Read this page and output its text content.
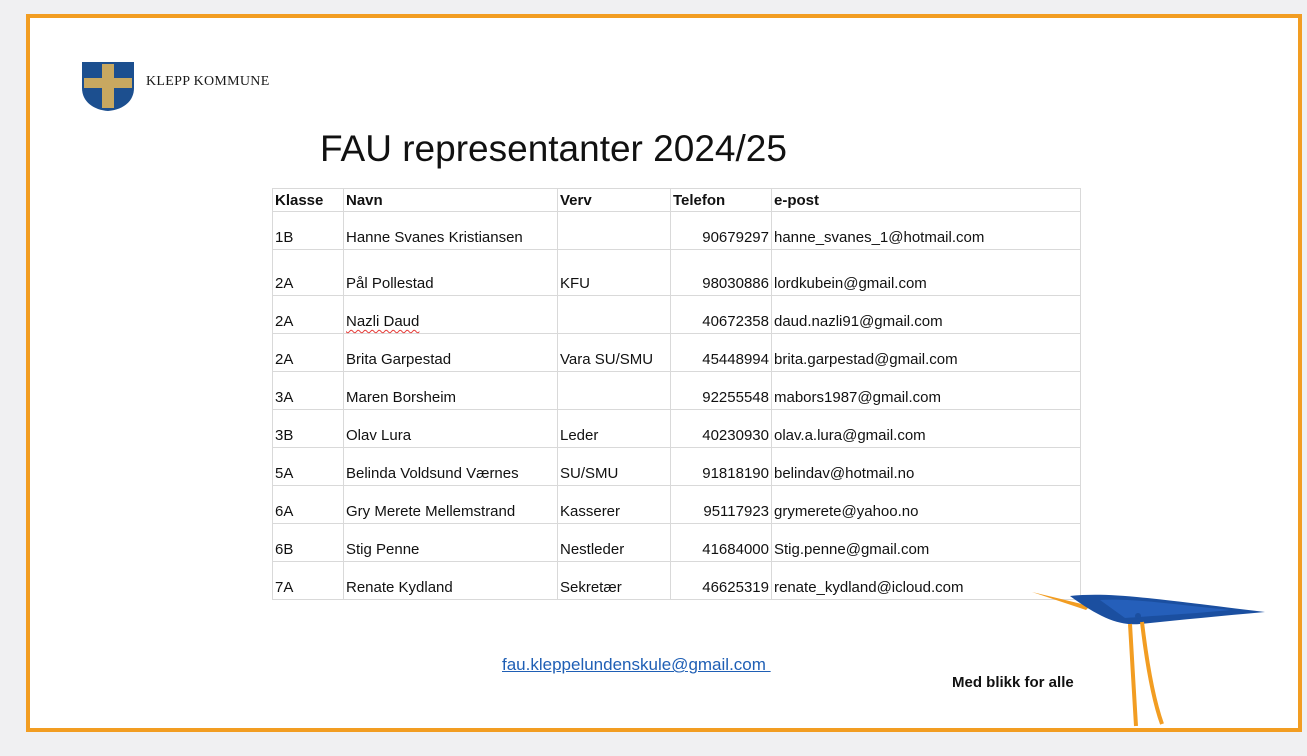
KLEPP KOMMUNE
FAU representanter 2024/25
Klasse	Navn	Verv	Telefon	e-post
1B	Hanne Svanes Kristiansen		90679297	hanne_svanes_1@hotmail.com
2A	Pål Pollestad	KFU	98030886	lordkubein@gmail.com
2A	Nazli Daud		40672358	daud.nazli91@gmail.com
2A	Brita Garpestad	Vara SU/SMU	45448994	brita.garpestad@gmail.com
3A	Maren Borsheim		92255548	mabors1987@gmail.com
3B	Olav Lura	Leder	40230930	olav.a.lura@gmail.com
5A	Belinda Voldsund Værnes	SU/SMU	91818190	belindav@hotmail.no
6A	Gry Merete Mellemstrand	Kasserer	95117923	grymerete@yahoo.no
6B	Stig Penne	Nestleder	41684000	Stig.penne@gmail.com
7A	Renate Kydland	Sekretær	46625319	renate_kydland@icloud.com
fau.kleppelundenskule@gmail.com
Med blikk for alle
